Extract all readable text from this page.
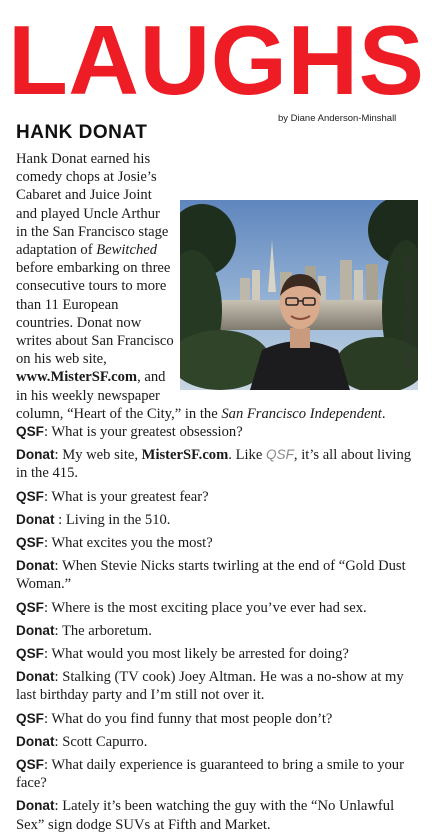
L A U G H S
by Diane Anderson-Minshall
HANK DONAT

HANK DONAT/MISTERSF.COM
Hank Donat earned his comedy chops at Josie’s Cabaret and Juice Joint and played Uncle Arthur in the San Francisco stage adaptation of Bewitched before embarking on three consecutive tours to more than 11 European countries. Donat now writes about San Francisco on his web site, www.MisterSF.com, and in his weekly newspaper column, “Heart of the City,” in the San Francisco Independent.

QSF: What is your greatest obsession?

Donat: My web site, MisterSF.com. Like QSF, it’s all about living in the 415.

QSF: What is your greatest fear?

Donat : Living in the 510.

QSF: What excites you the most?

Donat: When Stevie Nicks starts twirling at the end of “Gold Dust Woman.”

QSF: Where is the most exciting place you’ve ever had sex.

Donat: The arboretum.

QSF: What would you most likely be arrested for doing?

Donat: Stalking (TV cook) Joey Altman. He was a no-show at my last birthday party and I’m still not over it.

QSF: What do you find funny that most people don’t?

Donat: Scott Capurro.

QSF: What daily experience is guaranteed to bring a smile to your face?

Donat: Lately it’s been watching the guy with the “No Unlawful Sex” sign dodge SUVs at Fifth and Market.
